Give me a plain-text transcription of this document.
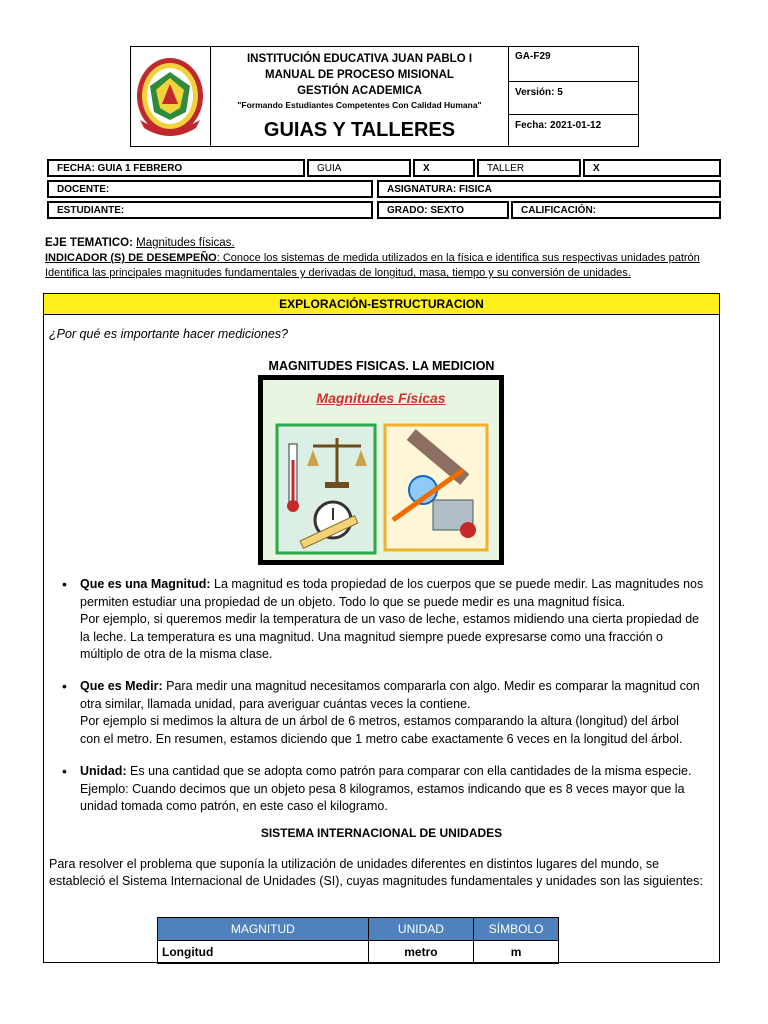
INSTITUCIÓN EDUCATIVA JUAN PABLO I
MANUAL DE PROCESO MISIONAL
GESTIÓN ACADEMICA
"Formando Estudiantes Competentes Con Calidad Humana"
GUIAS Y TALLERES
GA-F29
Versión: 5
Fecha: 2021-01-12
FECHA: GUIA 1 FEBRERO	GUIA	X	TALLER	X
DOCENTE:	ASIGNATURA: FISICA
ESTUDIANTE:	GRADO: SEXTO	CALIFICACIÓN:
EJE TEMATICO: Magnitudes físicas.
INDICADOR (S) DE DESEMPEÑO: Conoce los sistemas de medida utilizados en la física e identifica sus respectivas unidades patrón
Identifica las principales magnitudes fundamentales y derivadas de longitud, masa, tiempo y su conversión de unidades.
EXPLORACIÓN-ESTRUCTURACION
¿Por qué es importante hacer mediciones?
MAGNITUDES FISICAS. LA MEDICION
Magnitudes Físicas
• Que es una Magnitud: La magnitud es toda propiedad de los cuerpos que se puede medir. Las magnitudes nos
permiten estudiar una propiedad de un objeto. Todo lo que se puede medir es una magnitud física.
Por ejemplo, si queremos medir la temperatura de un vaso de leche, estamos midiendo una cierta propiedad de
la leche. La temperatura es una magnitud. Una magnitud siempre puede expresarse como una fracción o
múltiplo de otra de la misma clase.
• Que es Medir: Para medir una magnitud necesitamos compararla con algo. Medir es comparar la magnitud con
otra similar, llamada unidad, para averiguar cuántas veces la contiene.
Por ejemplo si medimos la altura de un árbol de 6 metros, estamos comparando la altura (longitud) del árbol
con el metro. En resumen, estamos diciendo que 1 metro cabe exactamente 6 veces en la longitud del árbol.
• Unidad: Es una cantidad que se adopta como patrón para comparar con ella cantidades de la misma especie.
Ejemplo: Cuando decimos que un objeto pesa 8 kilogramos, estamos indicando que es 8 veces mayor que la
unidad tomada como patrón, en este caso el kilogramo.
SISTEMA INTERNACIONAL DE UNIDADES
Para resolver el problema que suponía la utilización de unidades diferentes en distintos lugares del mundo, se
estableció el Sistema Internacional de Unidades (SI), cuyas magnitudes fundamentales y unidades son las siguientes:
MAGNITUD	UNIDAD	SÍMBOLO
Longitud	metro	m
